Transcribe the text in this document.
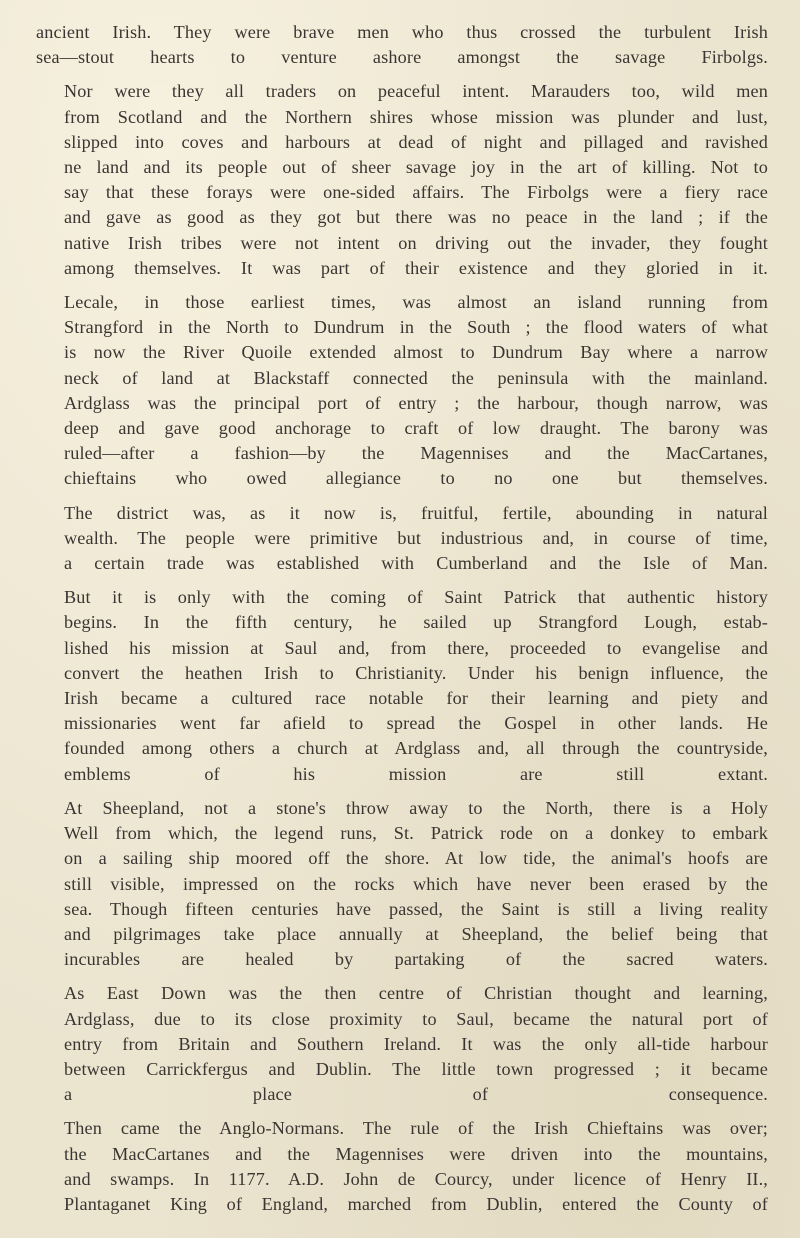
ancient Irish. They were brave men who thus crossed the turbulent Irish
sea—stout hearts to venture ashore amongst the savage Firbolgs.

Nor were they all traders on peaceful intent. Marauders too, wild men
from Scotland and the Northern shires whose mission was plunder and lust,
slipped into coves and harbours at dead of night and pillaged and ravished
ne land and its people out of sheer savage joy in the art of killing. Not to
say that these forays were one-sided affairs. The Firbolgs were a fiery race
and gave as good as they got but there was no peace in the land ; if the
native Irish tribes were not intent on driving out the invader, they fought
among themselves. It was part of their existence and they gloried in it.

Lecale, in those earliest times, was almost an island running from
Strangford in the North to Dundrum in the South ; the flood waters of what
is now the River Quoile extended almost to Dundrum Bay where a narrow
neck of land at Blackstaff connected the peninsula with the mainland.
Ardglass was the principal port of entry ; the harbour, though narrow, was
deep and gave good anchorage to craft of low draught. The barony was
ruled—after a fashion—by the Magennises and the MacCartanes,
chieftains who owed allegiance to no one but themselves.

The district was, as it now is, fruitful, fertile, abounding in natural
wealth. The people were primitive but industrious and, in course of time,
a certain trade was established with Cumberland and the Isle of Man.

But it is only with the coming of Saint Patrick that authentic history
begins. In the fifth century, he sailed up Strangford Lough, estab-
lished his mission at Saul and, from there, proceeded to evangelise and
convert the heathen Irish to Christianity. Under his benign influence, the
Irish became a cultured race notable for their learning and piety and
missionaries went far afield to spread the Gospel in other lands. He
founded among others a church at Ardglass and, all through the countryside,
emblems of his mission are still extant.

At Sheepland, not a stone's throw away to the North, there is a Holy
Well from which, the legend runs, St. Patrick rode on a donkey to embark
on a sailing ship moored off the shore. At low tide, the animal's hoofs are
still visible, impressed on the rocks which have never been erased by the
sea. Though fifteen centuries have passed, the Saint is still a living reality
and pilgrimages take place annually at Sheepland, the belief being that
incurables are healed by partaking of the sacred waters.

As East Down was the then centre of Christian thought and learning,
Ardglass, due to its close proximity to Saul, became the natural port of
entry from Britain and Southern Ireland. It was the only all-tide harbour
between Carrickfergus and Dublin. The little town progressed ; it became
a place of consequence.

Then came the Anglo-Normans. The rule of the Irish Chieftains was over;
the MacCartanes and the Magennises were driven into the mountains,
and swamps. In 1177. A.D. John de Courcy, under licence of Henry II.,
Plantaganet King of England, marched from Dublin, entered the County of
